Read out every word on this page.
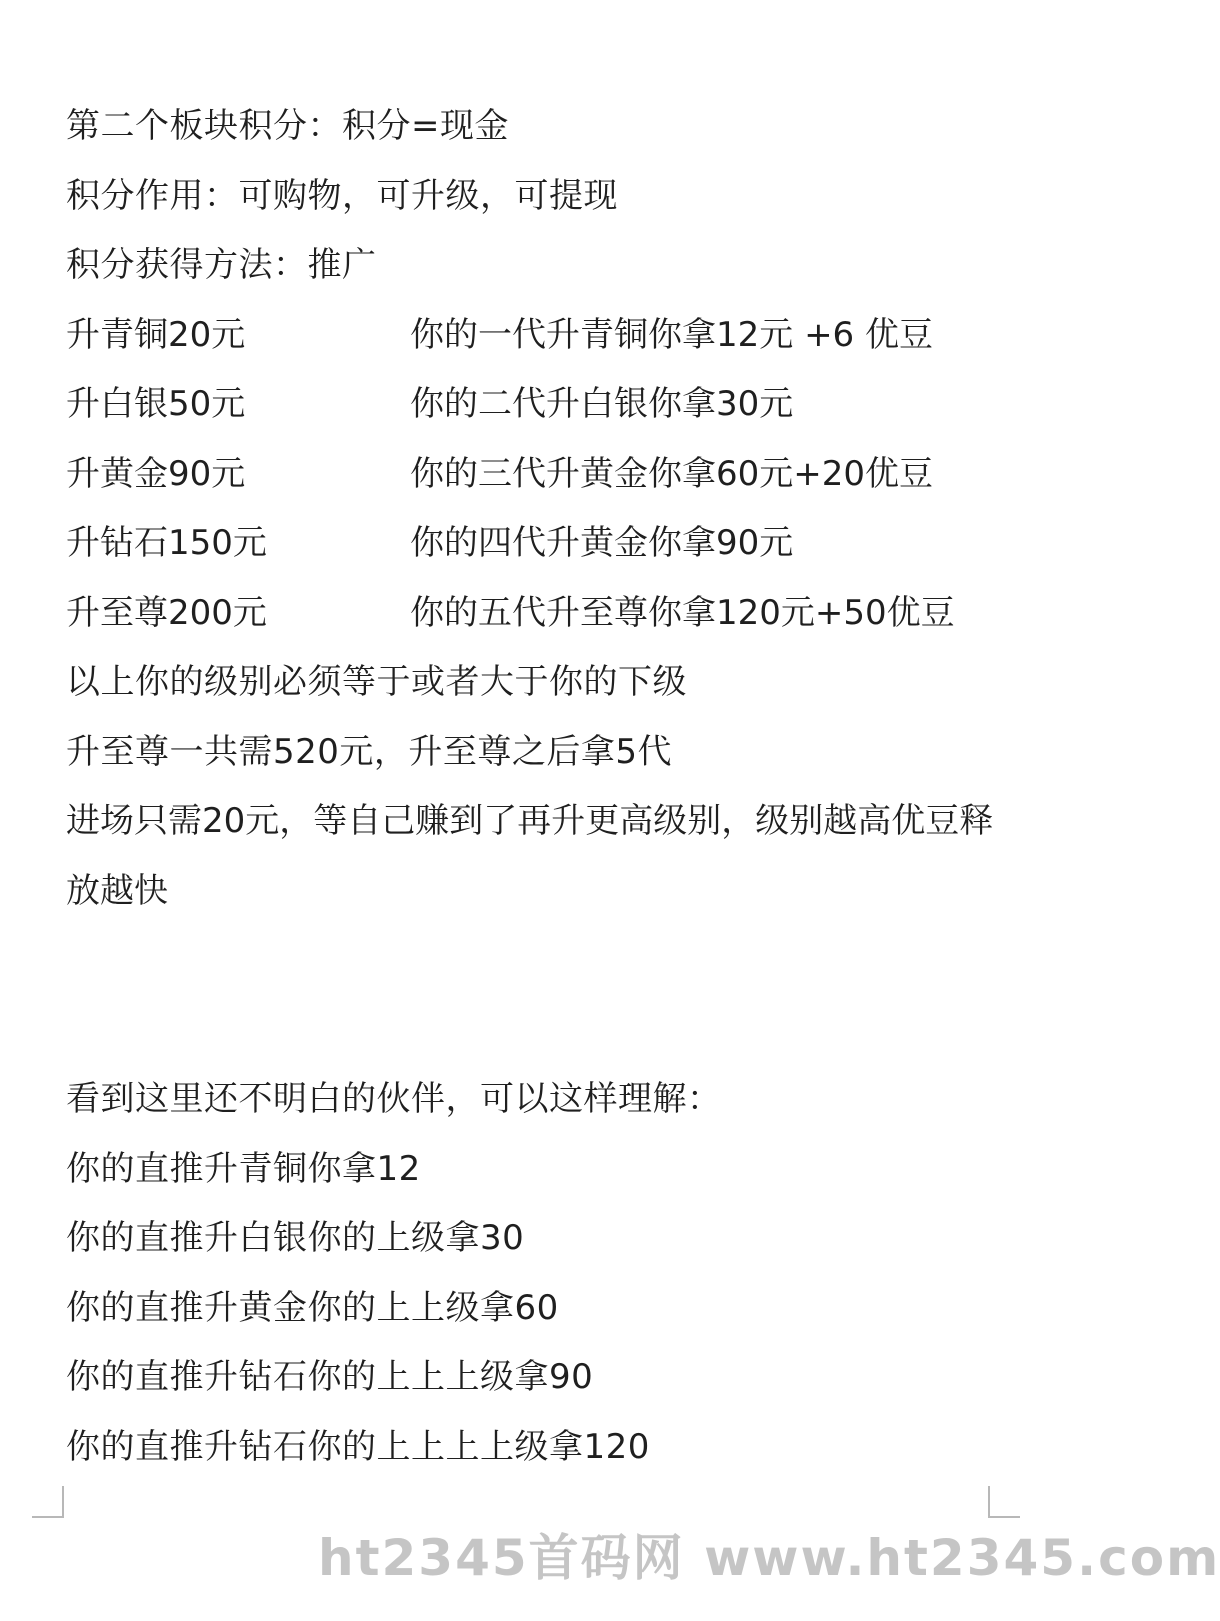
第二个板块积分：积分=现金
积分作用：可购物，可升级，可提现
积分获得方法：推广
升青铜20元	你的一代升青铜你拿12元 +6 优豆
升白银50元	你的二代升白银你拿30元
升黄金90元	你的三代升黄金你拿60元+20优豆
升钻石150元	你的四代升黄金你拿90元
升至尊200元	你的五代升至尊你拿120元+50优豆
以上你的级别必须等于或者大于你的下级
升至尊一共需520元，升至尊之后拿5代
进场只需20元，等自己赚到了再升更高级别，级别越高优豆释放越快
看到这里还不明白的伙伴，可以这样理解：
你的直推升青铜你拿12
你的直推升白银你的上级拿30
你的直推升黄金你的上上级拿60
你的直推升钻石你的上上上级拿90
你的直推升钻石你的上上上上级拿120
ht2345首码网 www.ht2345.com
